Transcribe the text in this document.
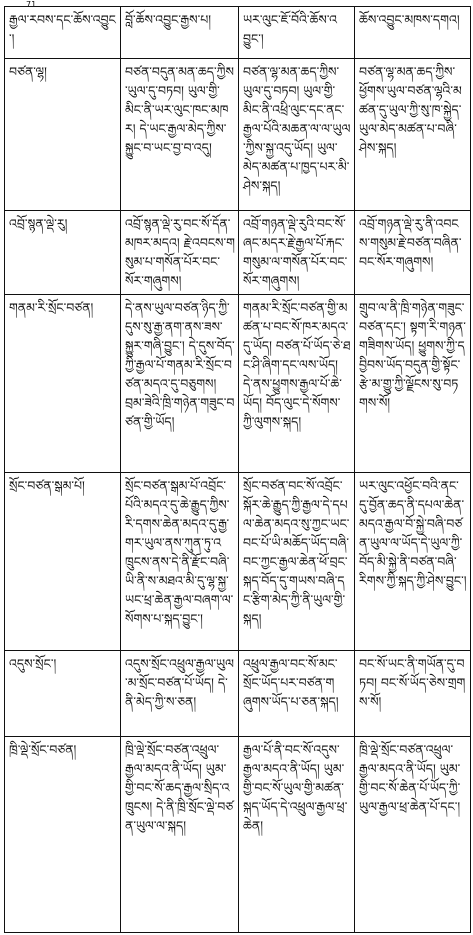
71
རྒྱལ་རབས་དང་ཆོས་འབྱུང་།	བློ་ཆོས་འབྱུང་རྒྱས་པ།	ཡར་ལུང་ཇོ་བོའི་ཆོས་འབྱུང་།	ཆོས་འབྱུང་མཁས་དགའ།
བཙན་ལྷ།	བཙན་བདུན་མན་ཆད་ཀྱིས་ཡུལ་དུ་བཏབ། ཡུལ་གྱི་མིང་ནི་ཡར་ལུང་ཁང་མཁར། དེ་ཡང་རྒྱལ་མེད་ཀྱིས་སྐྱུང་བ་ཡང་བྱ་བ་འདུ།	བཙན་ལྷ་མན་ཆད་ཀྱིས་ཡུལ་དུ་བཏབ། ཡུལ་གྱི་མིང་ནི་འཕྲི་ལུང་དང་ནང་རྒྱལ་པོའི་མཆན་ལ་ལ་ཡུལ་ཀྱིས་སྐྱ་འདུ་ཡོད། ཡུལ་མེད་མཚན་པ་ཁྱད་པར་མི་ཤེས་སྐད།	བཙན་ལྷ་མན་ཆད་ཀྱིས་ཕྱོགས་ཡུལ་བཙན་ལྷའི་མཚན་དུ་ཡུལ་ཀྱི་སུ་ཁ་སྐྱེད་ཡུལ་མེད་མཚན་པ་བཞི་ཤེས་སྐད།
འབྲོ་སྙན་ལྡེ་རུ།	འབྲོ་སྙན་ལྡེ་རུ་བང་སོ་དོན་མཁར་མདའ། རྗེ་འབངས་གསུམ་པ་གསོན་པོར་བང་སོར་གཞུགས།	འབྲོ་གཉན་ལྡེ་རུའི་བང་སོ་ཞང་མདར་རྗེ་རྒྱལ་པོ་རྐང་གསུམ་ལ་གསོན་པོར་བང་སོར་གཞུགས།	འབྲོ་གཉན་ལྡེ་རུ་ནི་འབངས་གསུམ་རྗེ་བཙན་བཞིན་བང་སོར་གཞུགས།
གནམ་རི་སྲོང་བཙན།	དེ་ནས་ཡུལ་བཙན་ཉིད་ཀྱི་དུས་སུ་རྒྱ་ནག་ནས་ཟས་སྐྱུར་གཞི་བྱུང་། དེ་དུས་བོད་ཀྱི་རྒྱལ་པོ་གནམ་རི་སྲོང་བཙན་མདའ་དུ་བཅུགས། བྲམ་ཟེའི་ཁྲི་གཉེན་གཟུང་བཙན་གྱི་ཡོད།	གནམ་རི་སྲོང་བཙན་གྱི་མཚན་པ་བང་སོ་ཁར་མདའ་དུ་ཡོད། བཙན་པོ་ཡོད་ཅེ་ཐང་ཤི་ཞིག་དང་ལས་ཡོད། དེ་ནས་ཕྱུགས་རྒྱལ་པོ་ཆེ་ཡོད། བོད་ལུང་དེ་སོགས་ཀྱི་ལུགས་སྐད།	གྲུབ་ལ་ནི་ཁྲི་གཉེན་གཟུང་བཙན་དང་། སྟག་རི་གཉན་གཟིགས་ཡོད། ཕྱུགས་ཀྱི་དབྱིབས་ཡོད་བདུན་གྱི་སྟོང་རྩེ་མ་གྱུ་ཀྱི་ལྗོངས་སུ་བཏགས་སོ།
སྲོང་བཙན་སྒམ་པོ།	སྲོང་བཙན་སྒམ་པོ་འབྲོང་པོའི་མདའ་དུ་ཆེ་རྒྱུད་ཀྱིས་རི་དགས་ཆེན་མདའ་དུ་རྒྱ་གར་ཡུལ་ནས་ཀུན་ཏུ་འཁྲུངས་ནས་དེ་ནི་རྫོང་བཞི་ཡི་ནི་ས་མཐའ་མི་དུ་ལྷ་སྐྱ་ཡང་ཕྲ་ཆེན་རྒྱལ་བཞག་ལ་སོགས་པ་སྐད་བྱུང་།	སྲོང་བཙན་བང་སོ་འབྲོང་སྐོར་ཆེ་རྒྱུད་ཀྱི་རྒྱལ་དེ་དཔལ་ཆེན་མདའ་སུ་ཀྱང་ཡང་བང་པོ་ཡི་མཆོད་ཡོད་བཞི་བང་ཀྱང་རྒྱལ་ཆེན་ཕོ་བྲང་སྐད་བོད་དུ་གཡས་བཞི་དང་རྩིག་མེད་ཀྱི་ནི་ཡུལ་གྱི་སྐད།	ཡར་ལུང་འཕྱོང་བའི་ནང་དུ་བྱོན་ཆད་ནི་དཔལ་ཆེན་མདའ་རྒྱལ་བོ་སྐྱེ་བཞི་བཙན་ཡུལ་ལ་ཡོད་དེ་ཡུལ་ཀྱི་བོད་མི་སྐྱེ་ནི་བཙན་བཞི་རིགས་ཀྱི་སྐད་ཀྱི་ཤེས་བྱུང་།
འདུས་སྲོང་།	འདུས་སྲོང་འཕྲུལ་རྒྱལ་ཡུལ་མ་སྲོང་བཙན་པོ་ཡོད། དེ་ནི་མེད་ཀྱི་ས་ཅན།	འཕྲུལ་རྒྱལ་བང་སོ་མང་སྲོང་ཡོད་པར་བཙན་གཞུགས་ཡོད་པ་ཅན་སྐད།	བང་སོ་ཡང་ནི་གཡོན་དུ་བཏབ། བང་སོ་ཡོད་ཅེས་གྲགས་སོ།
ཁྲི་ལྡེ་སྲོང་བཙན།	ཁྲི་ལྡེ་སྲོང་བཙན་འཕྲུལ་རྒྱལ་མདའ་ནི་ཡོད། ཡུམ་གྱི་བང་སོ་ཆད་རྒྱལ་སྲིད་འཁྲུངས། དེ་ནི་ཁྲི་སྲོང་ལྡེ་བཙན་ཡུལ་ལ་སྐད།	རྒྱལ་པོ་ནི་བང་སོ་འདུས་རྒྱལ་མདའ་ནི་ཡོད། ཡུམ་གྱི་བང་སོ་ཡུལ་གྱི་མཚན་སྐད་ཡོད་དེ་འཕྲུལ་རྒྱལ་ཕྲ་ཆེན།	ཁྲི་ལྡེ་སྲོང་བཙན་འཕྲུལ་རྒྱལ་མདའ་ནི་ཡོད། ཡུམ་གྱི་བང་སོ་ཆེན་པོ་ཡོད་ཀྱི་ཡུལ་རྒྱལ་ཕྲ་ཆེན་པོ་དང་།
